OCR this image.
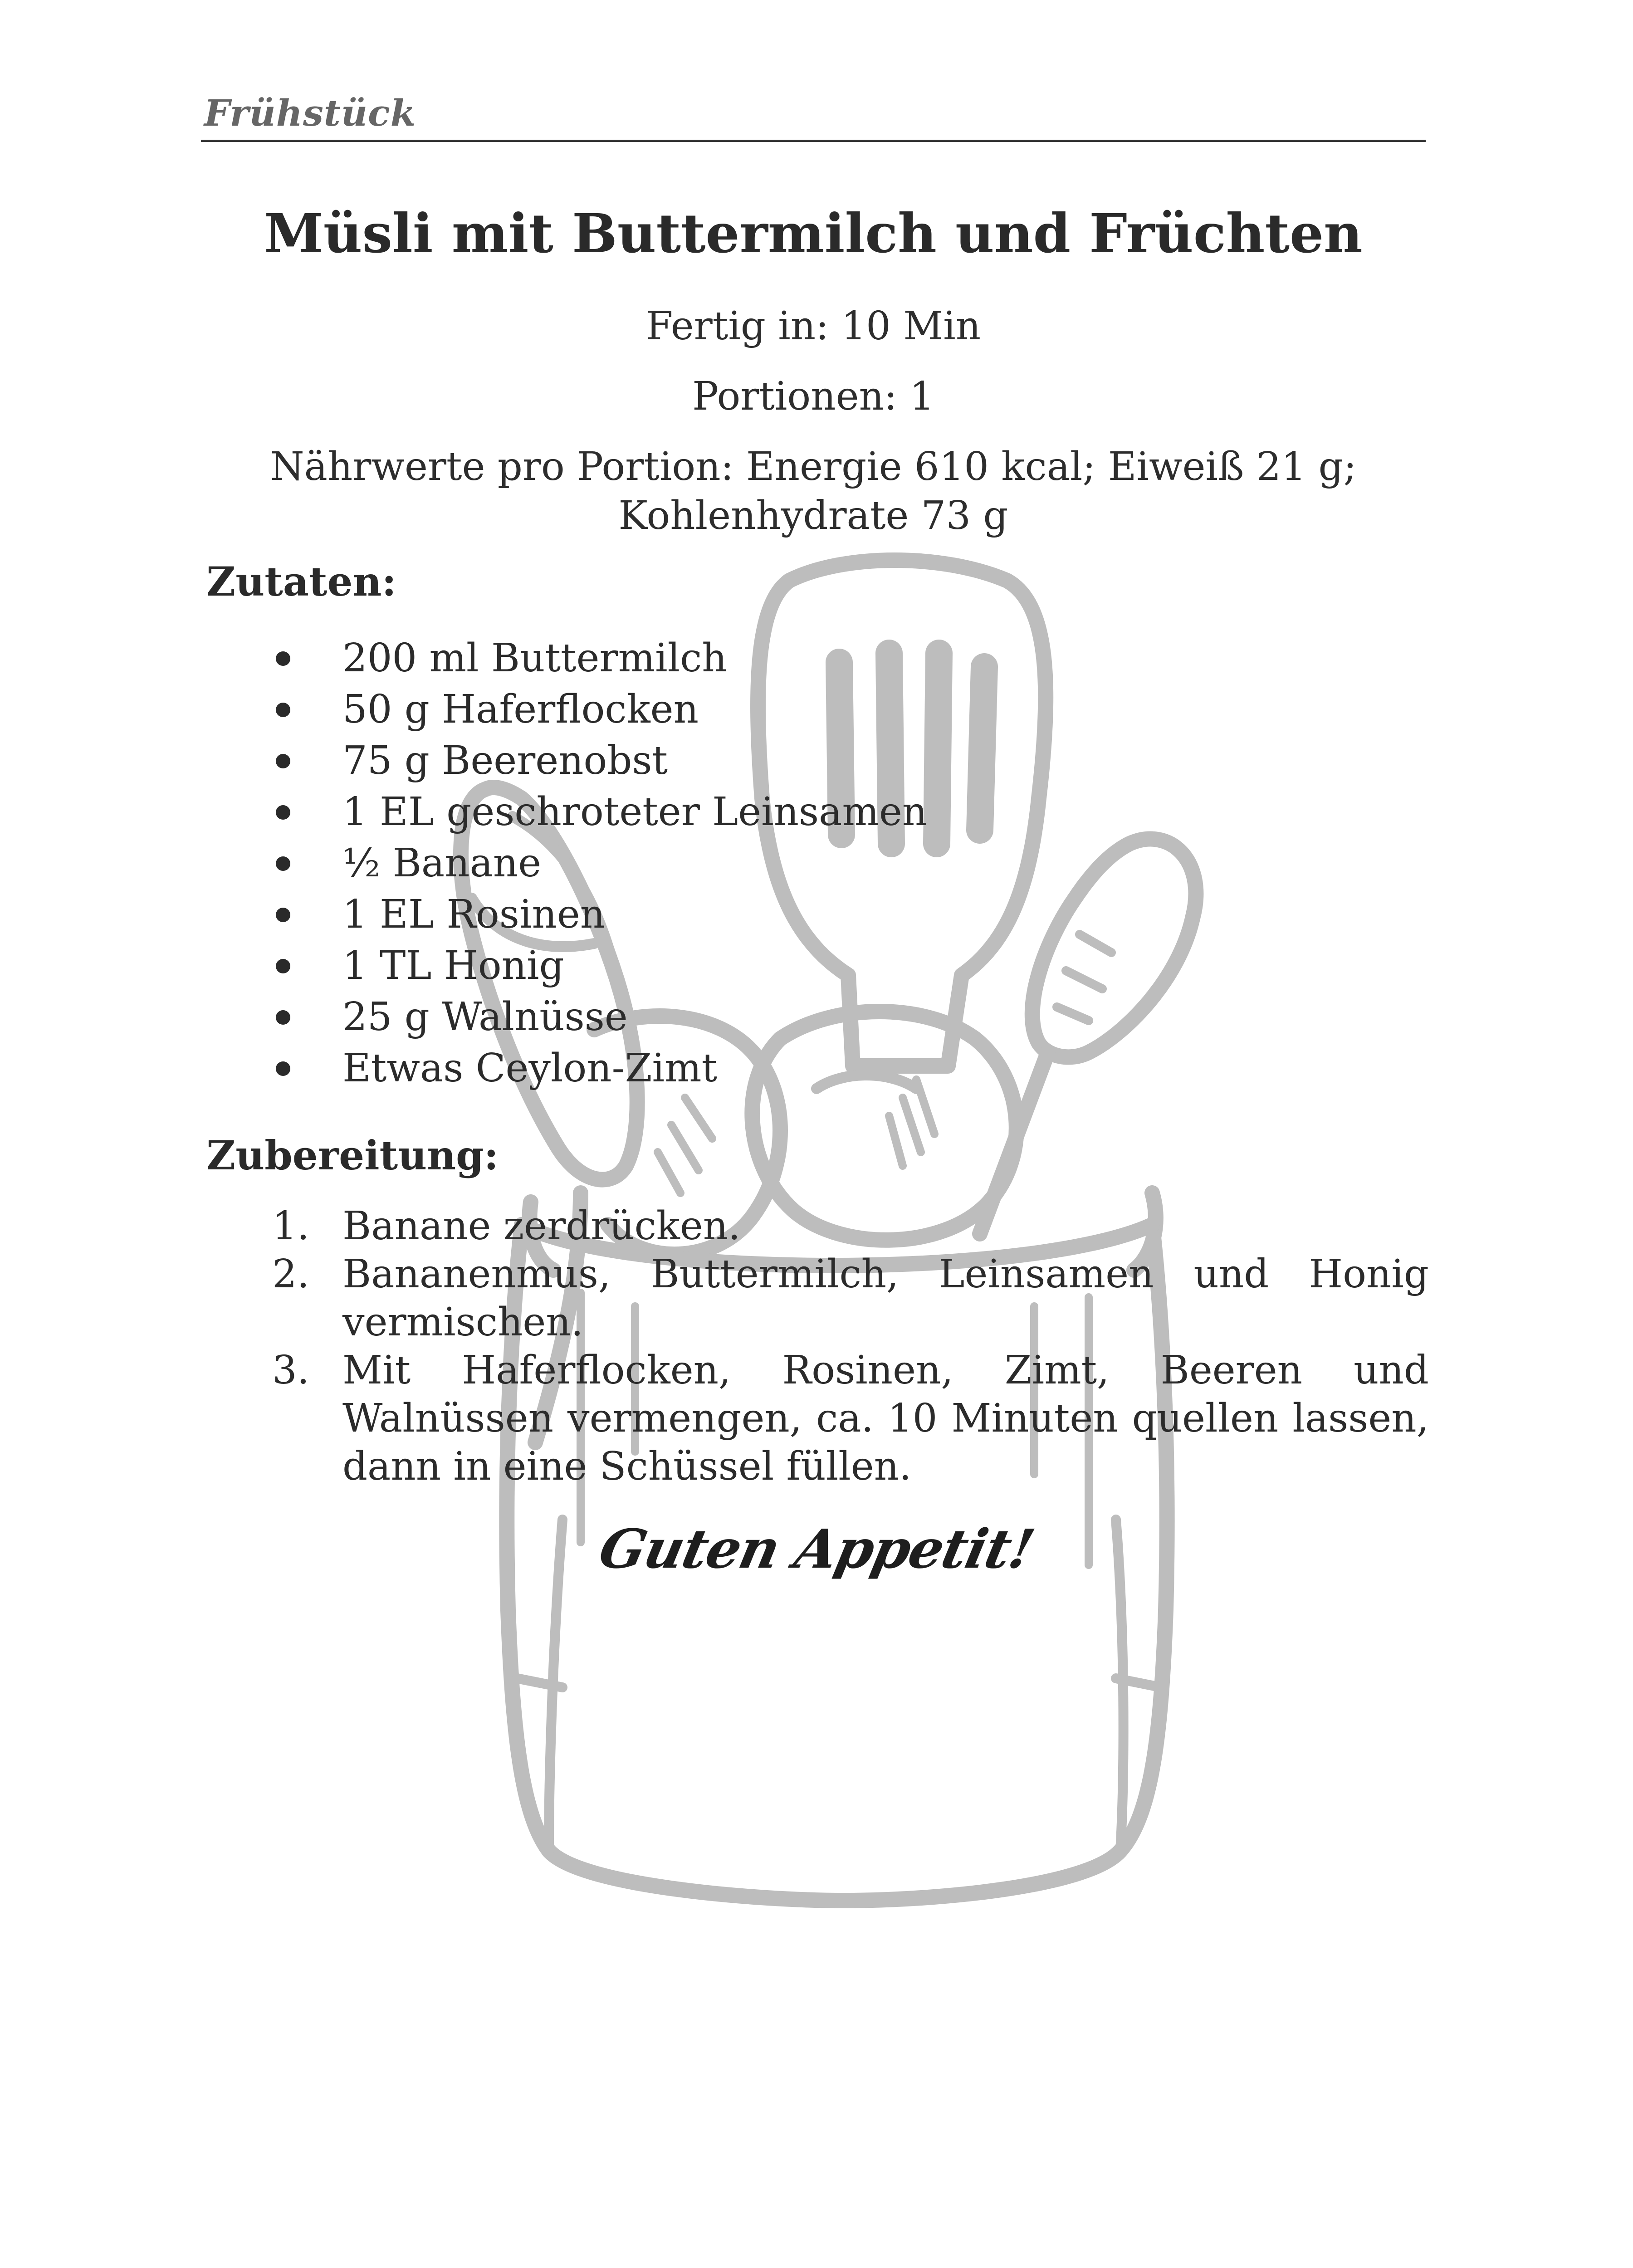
Frühstück
Müsli mit Buttermilch und Früchten
Fertig in: 10 Min
Portionen: 1
Nährwerte pro Portion: Energie 610 kcal; Eiweiß 21 g;
Kohlenhydrate 73 g
Zutaten:
200 ml Buttermilch
50 g Haferflocken
75 g Beerenobst
1 EL geschroteter Leinsamen
½ Banane
1 EL Rosinen
1 TL Honig
25 g Walnüsse
Etwas Ceylon-Zimt
Zubereitung:
1. Banane zerdrücken.
2. Bananenmus, Buttermilch, Leinsamen und Honig vermischen.
3. Mit Haferflocken, Rosinen, Zimt, Beeren und Walnüssen vermengen, ca. 10 Minuten quellen lassen, dann in eine Schüssel füllen.
Guten Appetit!
